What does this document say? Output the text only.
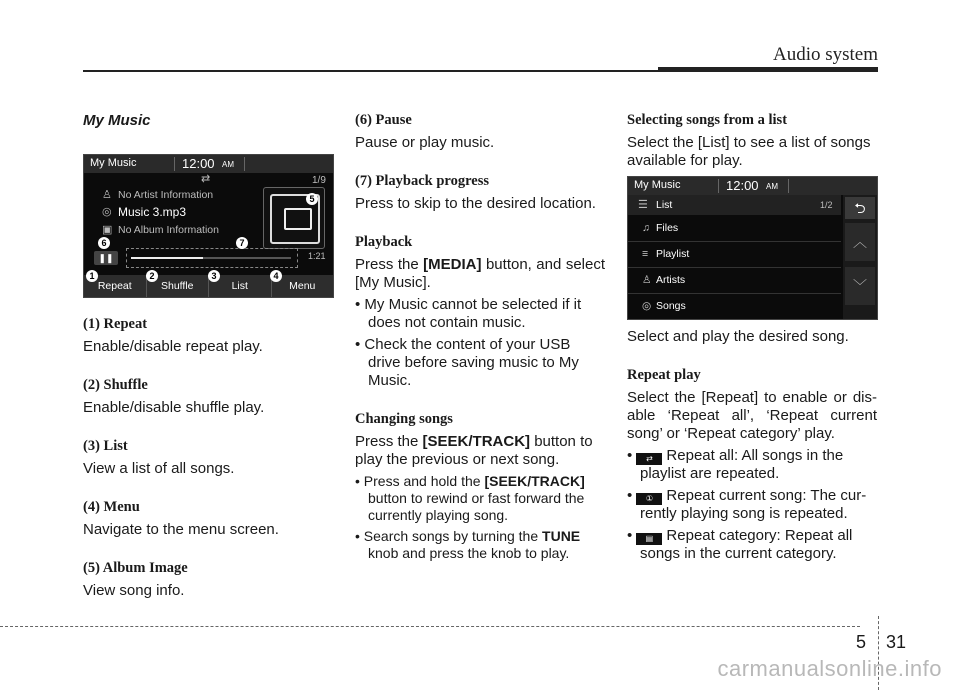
Audio system
My Music
My Music	12:00 AM
⇄	1/9
♙ No Artist Information
◎ Music 3.mp3
▣ No Album Information
❚❚	1:21
Repeat	Shuffle	List	Menu
1	2	3	4
5
6	7
(1) Repeat

Enable/disable repeat play.

(2) Shuffle

Enable/disable shuffle play.

(3) List

View a list of all songs.

(4) Menu

Navigate to the menu screen.

(5) Album Image

View song info.

(6) Pause

Pause or play music.

(7) Playback progress

Press to skip to the desired location.

Playback

Press the [MEDIA] button, and select [My Music].

• My Music cannot be selected if it does not contain music.
• Check the content of your USB drive before saving music to My Music.
Changing songs

Press the [SEEK/TRACK] button to play the previous or next song.

• Press and hold the [SEEK/TRACK] button to rewind or fast forward the currently playing song.
• Search songs by turning the TUNE knob and press the knob to play.
Selecting songs from a list

Select the [List] to see a list of songs available for play.

My Music	12:00 AM
☰ List	1/2
♫ Files
≡ Playlist
♙ Artists
◎ Songs
⮌
︿
﹀

Select and play the desired song.

Repeat play

Select the [Repeat] to enable or dis-able ‘Repeat all’, ‘Repeat current song’ or ‘Repeat category’ play.

• ⇄ Repeat all: All songs in the playlist are repeated.
• ① Repeat current song: The cur-rently playing song is repeated.
• ▤ Repeat category: Repeat all songs in the current category.
5 31
carmanualsonline.info
